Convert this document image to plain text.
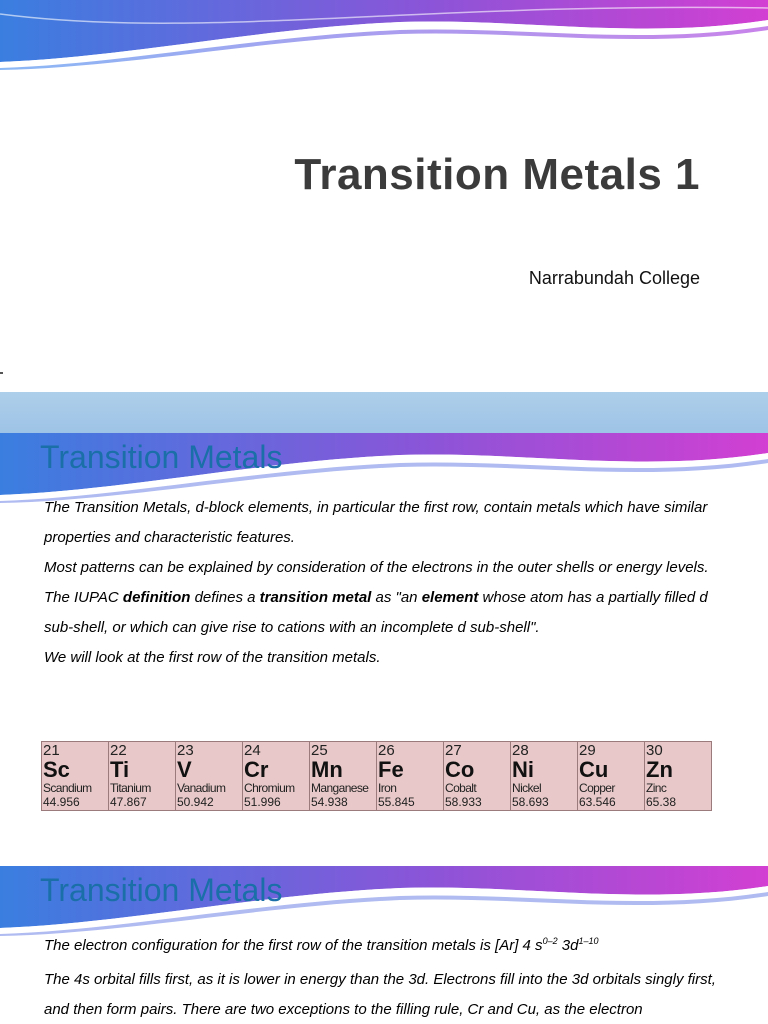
Transition Metals 1

Narrabundah College

Transition Metals

The Transition Metals, d-block elements, in particular the first row, contain metals which have similar properties and characteristic features.

Most patterns can be explained by consideration of the electrons in the outer shells or energy levels.

The IUPAC definition defines a transition metal as "an element whose atom has a partially filled d sub-shell, or which can give rise to cations with an incomplete d sub-shell".

We will look at the first row of the transition metals.

21
Sc
Scandium
44.956

22
Ti
Titanium
47.867

23
V
Vanadium
50.942

24
Cr
Chromium
51.996

25
Mn
Manganese
54.938

26
Fe
Iron
55.845

27
Co
Cobalt
58.933

28
Ni
Nickel
58.693

29
Cu
Copper
63.546

30
Zn
Zinc
65.38
Transition Metals

The electron configuration for the first row of the transition metals is [Ar] 4 $s^{0-2}$ $3d^{1-10}$

The 4s orbital fills first, as it is lower in energy than the 3d. Electrons fill into the 3d orbitals singly first, and then form pairs. There are two exceptions to the filling rule, Cr and Cu, as the electron
